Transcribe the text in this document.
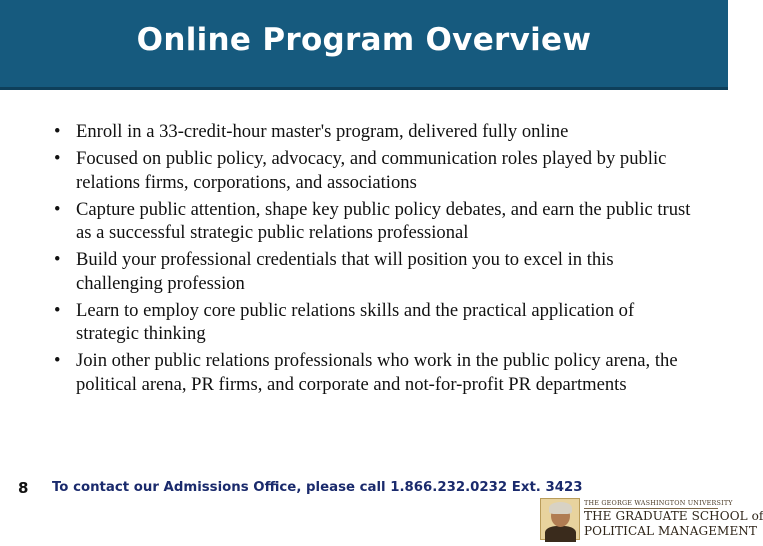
Online Program Overview
• Enroll in a 33-credit-hour master's program, delivered fully online
• Focused on public policy, advocacy, and communication roles played by public relations firms, corporations, and associations
• Capture public attention, shape key public policy debates, and earn the public trust as a successful strategic public relations professional
• Build your professional credentials that will position you to excel in this challenging profession
• Learn to employ core public relations skills and the practical application of strategic thinking
• Join other public relations professionals who work in the public policy arena, the political arena, PR firms, and corporate and not-for-profit PR departments
8 To contact our Admissions Office, please call 1.866.232.0232 Ext. 3423
THE GEORGE WASHINGTON UNIVERSITY
THE GRADUATE SCHOOL of
POLITICAL MANAGEMENT
